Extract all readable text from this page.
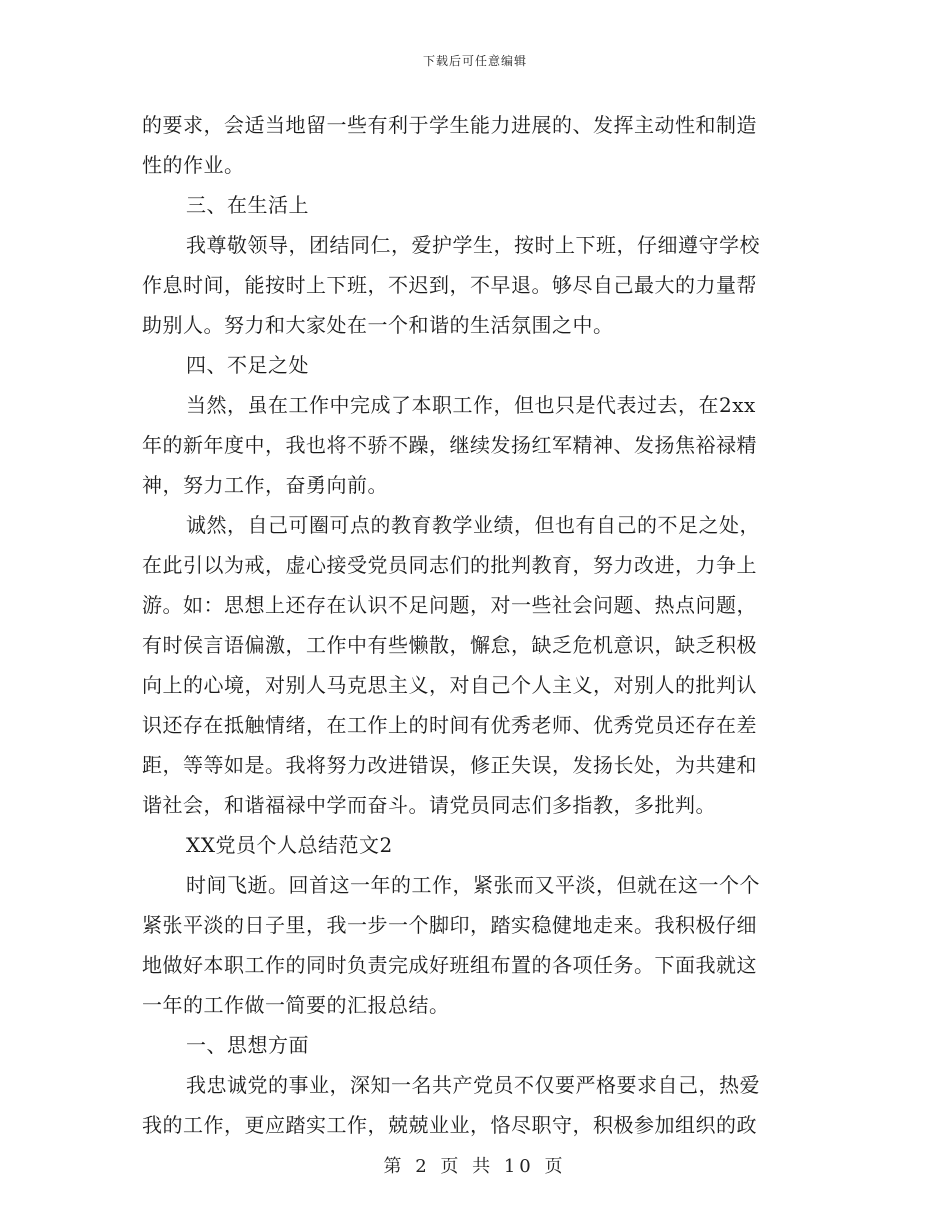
下载后可任意编辑
的要求，会适当地留一些有利于学生能力进展的、发挥主动性和制造
性的作业。
三、在生活上
我尊敬领导，团结同仁，爱护学生，按时上下班，仔细遵守学校
作息时间，能按时上下班，不迟到，不早退。够尽自己最大的力量帮
助别人。努力和大家处在一个和谐的生活氛围之中。
四、不足之处
当然，虽在工作中完成了本职工作，但也只是代表过去，在2xx
年的新年度中，我也将不骄不躁，继续发扬红军精神、发扬焦裕禄精
神，努力工作，奋勇向前。
诚然，自己可圈可点的教育教学业绩，但也有自己的不足之处，
在此引以为戒，虚心接受党员同志们的批判教育，努力改进，力争上
游。如：思想上还存在认识不足问题，对一些社会问题、热点问题，
有时侯言语偏激，工作中有些懒散，懈怠，缺乏危机意识，缺乏积极
向上的心境，对别人马克思主义，对自己个人主义，对别人的批判认
识还存在抵触情绪，在工作上的时间有优秀老师、优秀党员还存在差
距，等等如是。我将努力改进错误，修正失误，发扬长处，为共建和
谐社会，和谐福禄中学而奋斗。请党员同志们多指教，多批判。
XX党员个人总结范文2
时间飞逝。回首这一年的工作，紧张而又平淡，但就在这一个个
紧张平淡的日子里，我一步一个脚印，踏实稳健地走来。我积极仔细
地做好本职工作的同时负责完成好班组布置的各项任务。下面我就这
一年的工作做一简要的汇报总结。
一、思想方面
我忠诚党的事业，深知一名共产党员不仅要严格要求自己，热爱
我的工作，更应踏实工作，兢兢业业，恪尽职守，积极参加组织的政
第 2 页 共 10 页
